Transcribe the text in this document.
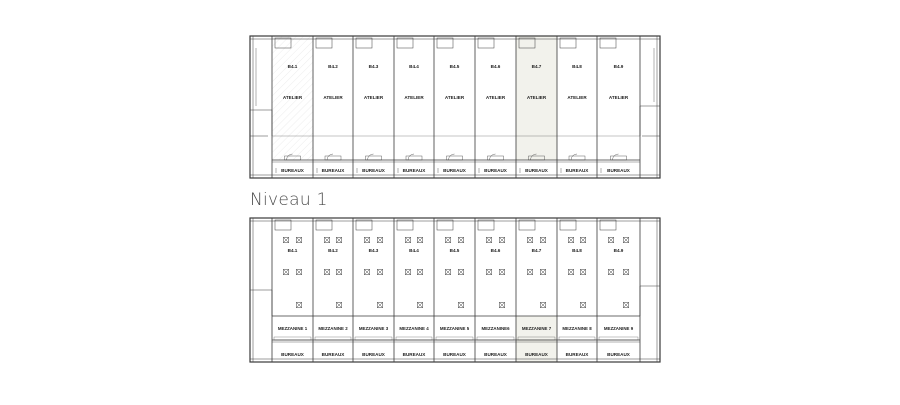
B4.1
ATELIER
BUREAUX
B4.2
ATELIER
BUREAUX
B4.3
ATELIER
BUREAUX
B4.4
ATELIER
BUREAUX
B4.5
ATELIER
BUREAUX
B4.6
ATELIER
BUREAUX
B4.7
ATELIER
BUREAUX
B4.8
ATELIER
BUREAUX
B4.9
ATELIER
BUREAUX
B4.1
MEZZANINE 1
BUREAUX
B4.2
MEZZANINE 2
BUREAUX
B4.3
MEZZANINE 3
BUREAUX
B4.4
MEZZANINE 4
BUREAUX
B4.5
MEZZANINE 5
BUREAUX
B4.6
MEZZANINE6
BUREAUX
B4.7
MEZZANINE 7
BUREAUX
B4.8
MEZZANINE 8
BUREAUX
B4.9
MEZZANINE 9
BUREAUX
Niveau 1
